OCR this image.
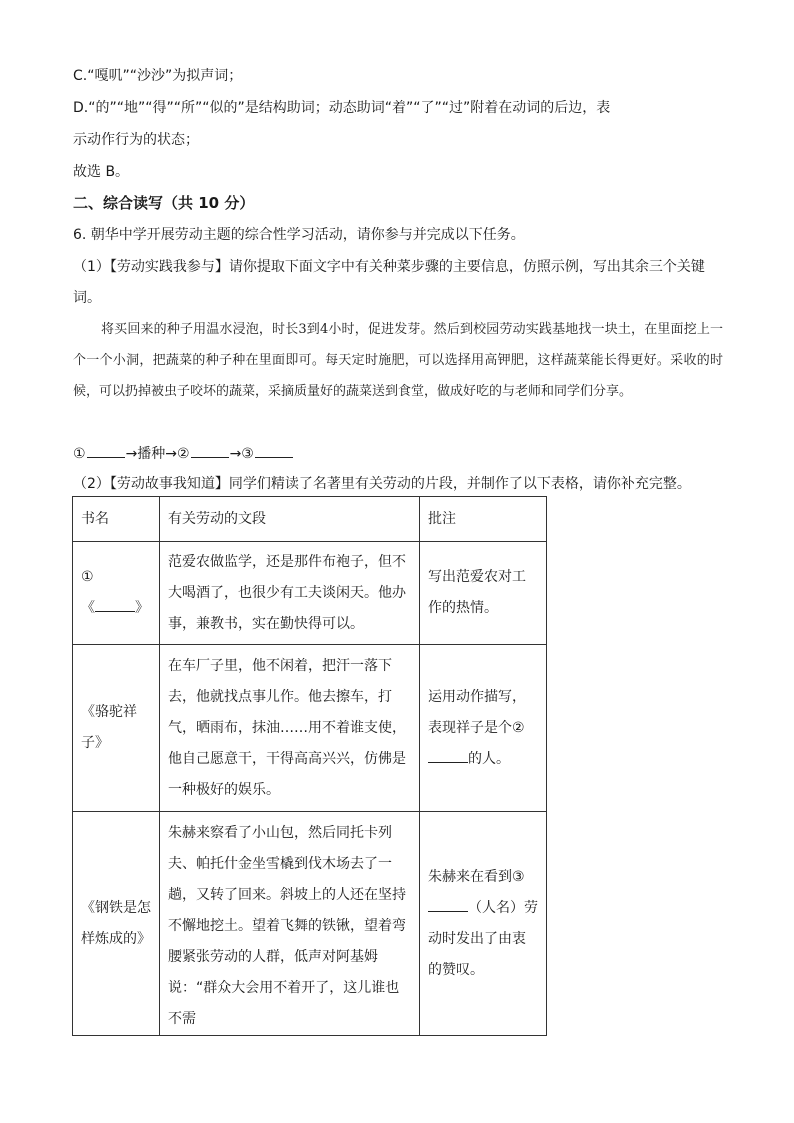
C.“嘎叽”“沙沙”为拟声词；
D.“的”“地”“得”“所”“似的”是结构助词；动态助词“着”“了”“过”附着在动词的后边，表
示动作行为的状态；
故选 B。
二、综合读写（共 10 分）
6. 朝华中学开展劳动主题的综合性学习活动，请你参与并完成以下任务。
（1）【劳动实践我参与】请你提取下面文字中有关种菜步骤的主要信息，仿照示例，写出其余三个关键
词。
将买回来的种子用温水浸泡，时长3到4小时，促进发芽。然后到校园劳动实践基地找一块土，在里面挖上一个一个小洞，把蔬菜的种子种在里面即可。每天定时施肥，可以选择用高钾肥，这样蔬菜能长得更好。采收的时候，可以扔掉被虫子咬坏的蔬菜，采摘质量好的蔬菜送到食堂，做成好吃的与老师和同学们分享。
①	→播种→②	→③
（2）【劳动故事我知道】同学们精读了名著里有关劳动的片段，并制作了以下表格，请你补充完整。
书名	有关劳动的文段	批注

①
《 》	范爱农做监学，还是那件布袍子，但不大喝酒了，也很少有工夫谈闲天。他办事，兼教书，实在勤快得可以。	写出范爱农对工作的热情。
《骆驼祥子》	在车厂子里，他不闲着，把汗一落下去，他就找点事儿作。他去擦车，打气，晒雨布，抹油……用不着谁支使，他自己愿意干，干得高高兴兴，仿佛是一种极好的娱乐。	运用动作描写，表现祥子是个②的人。
《钢铁是怎样炼成的》	朱赫来察看了小山包，然后同托卡列夫、帕托什金坐雪橇到伐木场去了一趟，又转了回来。斜坡上的人还在坚持不懈地挖土。望着飞舞的铁锹，望着弯腰紧张劳动的人群，低声对阿基姆说：“群众大会用不着开了，这儿谁也不需	朱赫来在看到③（人名）劳动时发出了由衷的赞叹。
